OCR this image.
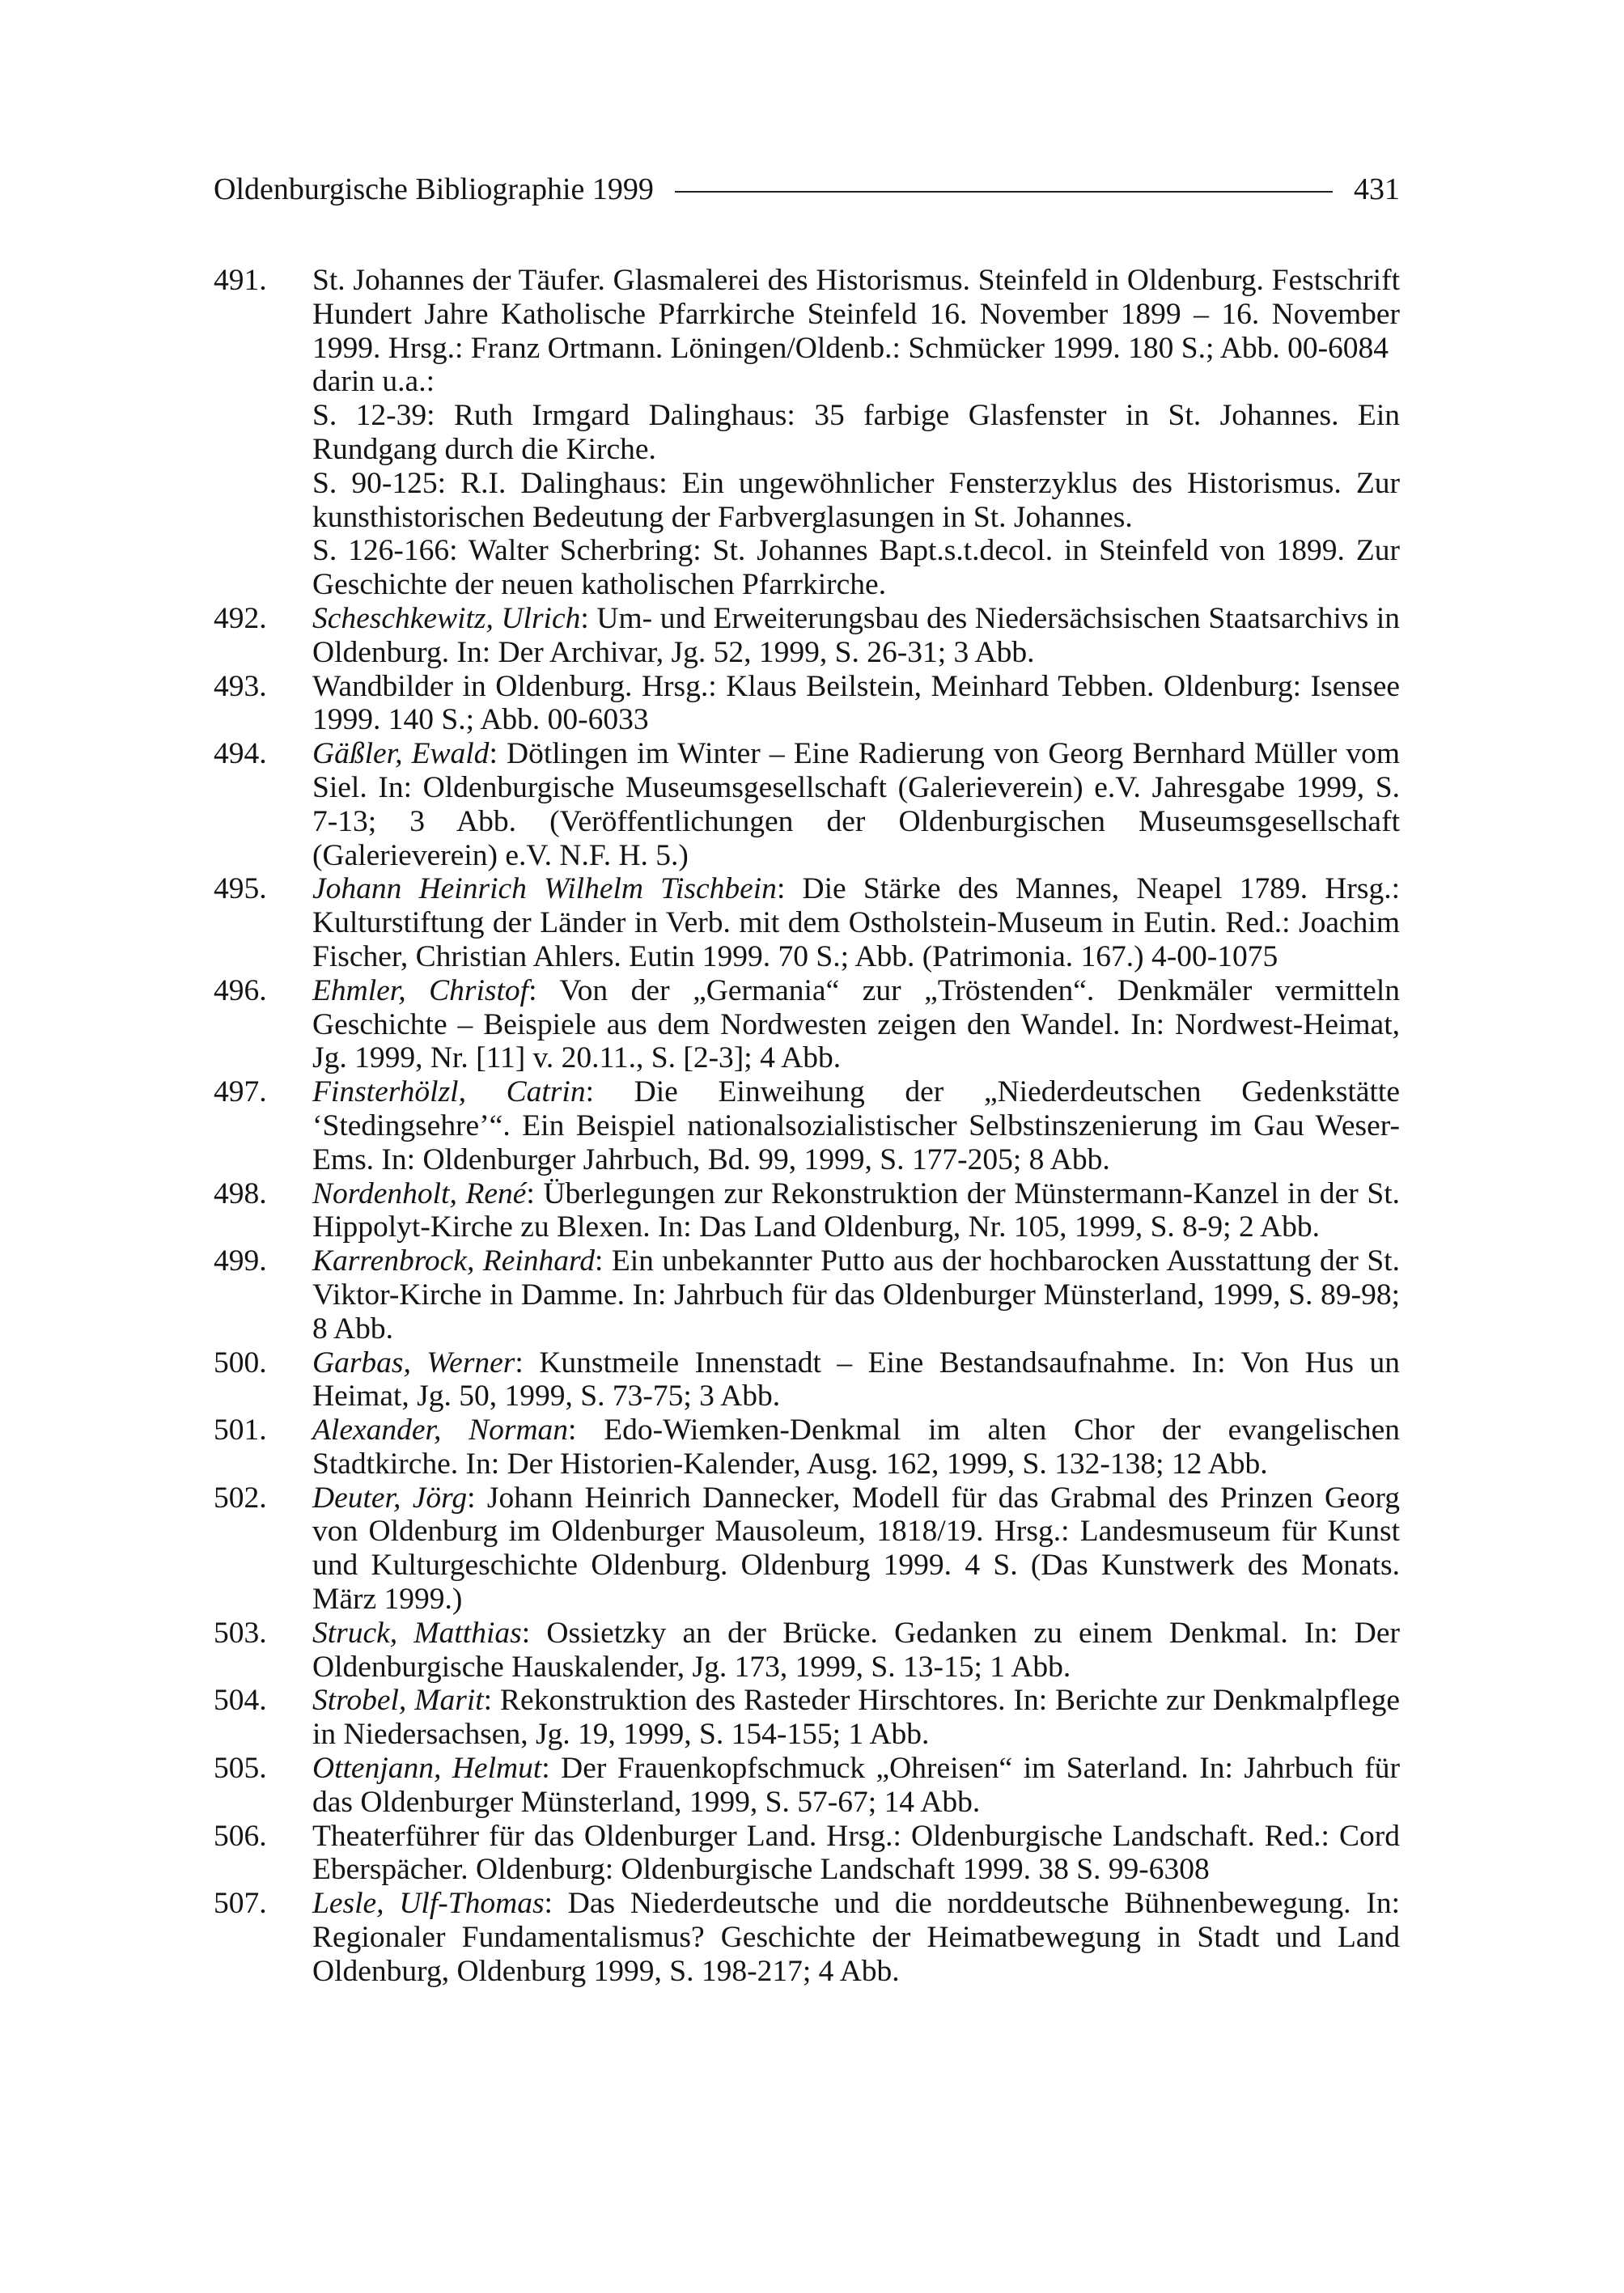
Oldenburgische Bibliographie 1999	431
491.	St. Johannes der Täufer. Glasmalerei des Historismus. Steinfeld in Oldenburg. Festschrift Hundert Jahre Katholische Pfarrkirche Steinfeld 16. November 1899 – 16. November 1999. Hrsg.: Franz Ortmann. Löningen/Oldenb.: Schmücker 1999. 180 S.; Abb. 00-6084

darin u.a.:

S. 12-39: Ruth Irmgard Dalinghaus: 35 farbige Glasfenster in St. Johannes. Ein Rundgang durch die Kirche.

S. 90-125: R.I. Dalinghaus: Ein ungewöhnlicher Fensterzyklus des Historismus. Zur kunsthistorischen Bedeutung der Farbverglasungen in St. Johannes.

S. 126-166: Walter Scherbring: St. Johannes Bapt.s.t.decol. in Steinfeld von 1899. Zur Geschichte der neuen katholischen Pfarrkirche.

492.	Scheschkewitz, Ulrich: Um- und Erweiterungsbau des Niedersächsischen Staatsarchivs in Oldenburg. In: Der Archivar, Jg. 52, 1999, S. 26-31; 3 Abb.

493.	Wandbilder in Oldenburg. Hrsg.: Klaus Beilstein, Meinhard Tebben. Oldenburg: Isensee 1999. 140 S.; Abb. 00-6033

494.	Gäßler, Ewald: Dötlingen im Winter – Eine Radierung von Georg Bernhard Müller vom Siel. In: Oldenburgische Museumsgesellschaft (Galerieverein) e.V. Jahresgabe 1999, S. 7-13; 3 Abb. (Veröffentlichungen der Oldenburgischen Museumsgesellschaft (Galerieverein) e.V. N.F. H. 5.)

495.	Johann Heinrich Wilhelm Tischbein: Die Stärke des Mannes, Neapel 1789. Hrsg.: Kulturstiftung der Länder in Verb. mit dem Ostholstein-Museum in Eutin. Red.: Joachim Fischer, Christian Ahlers. Eutin 1999. 70 S.; Abb. (Patrimonia. 167.) 4-00-1075

496.	Ehmler, Christof: Von der „Germania“ zur „Tröstenden“. Denkmäler vermitteln Geschichte – Beispiele aus dem Nordwesten zeigen den Wandel. In: Nordwest-Heimat, Jg. 1999, Nr. [11] v. 20.11., S. [2-3]; 4 Abb.

497.	Finsterhölzl, Catrin: Die Einweihung der „Niederdeutschen Gedenkstätte ‘Stedingsehre’“. Ein Beispiel nationalsozialistischer Selbstinszenierung im Gau Weser-Ems. In: Oldenburger Jahrbuch, Bd. 99, 1999, S. 177-205; 8 Abb.

498.	Nordenholt, René: Überlegungen zur Rekonstruktion der Münstermann-Kanzel in der St. Hippolyt-Kirche zu Blexen. In: Das Land Oldenburg, Nr. 105, 1999, S. 8-9; 2 Abb.

499.	Karrenbrock, Reinhard: Ein unbekannter Putto aus der hochbarocken Ausstattung der St. Viktor-Kirche in Damme. In: Jahrbuch für das Oldenburger Münsterland, 1999, S. 89-98; 8 Abb.

500.	Garbas, Werner: Kunstmeile Innenstadt – Eine Bestandsaufnahme. In: Von Hus un Heimat, Jg. 50, 1999, S. 73-75; 3 Abb.

501.	Alexander, Norman: Edo-Wiemken-Denkmal im alten Chor der evangelischen Stadtkirche. In: Der Historien-Kalender, Ausg. 162, 1999, S. 132-138; 12 Abb.

502.	Deuter, Jörg: Johann Heinrich Dannecker, Modell für das Grabmal des Prinzen Georg von Oldenburg im Oldenburger Mausoleum, 1818/19. Hrsg.: Landesmuseum für Kunst und Kulturgeschichte Oldenburg. Oldenburg 1999. 4 S. (Das Kunstwerk des Monats. März 1999.)

503.	Struck, Matthias: Ossietzky an der Brücke. Gedanken zu einem Denkmal. In: Der Oldenburgische Hauskalender, Jg. 173, 1999, S. 13-15; 1 Abb.

504.	Strobel, Marit: Rekonstruktion des Rasteder Hirschtores. In: Berichte zur Denkmalpflege in Niedersachsen, Jg. 19, 1999, S. 154-155; 1 Abb.

505.	Ottenjann, Helmut: Der Frauenkopfschmuck „Ohreisen“ im Saterland. In: Jahrbuch für das Oldenburger Münsterland, 1999, S. 57-67; 14 Abb.

506.	Theaterführer für das Oldenburger Land. Hrsg.: Oldenburgische Landschaft. Red.: Cord Eberspächer. Oldenburg: Oldenburgische Landschaft 1999. 38 S. 99-6308

507.	Lesle, Ulf-Thomas: Das Niederdeutsche und die norddeutsche Bühnenbewegung. In: Regionaler Fundamentalismus? Geschichte der Heimatbewegung in Stadt und Land Oldenburg, Oldenburg 1999, S. 198-217; 4 Abb.
